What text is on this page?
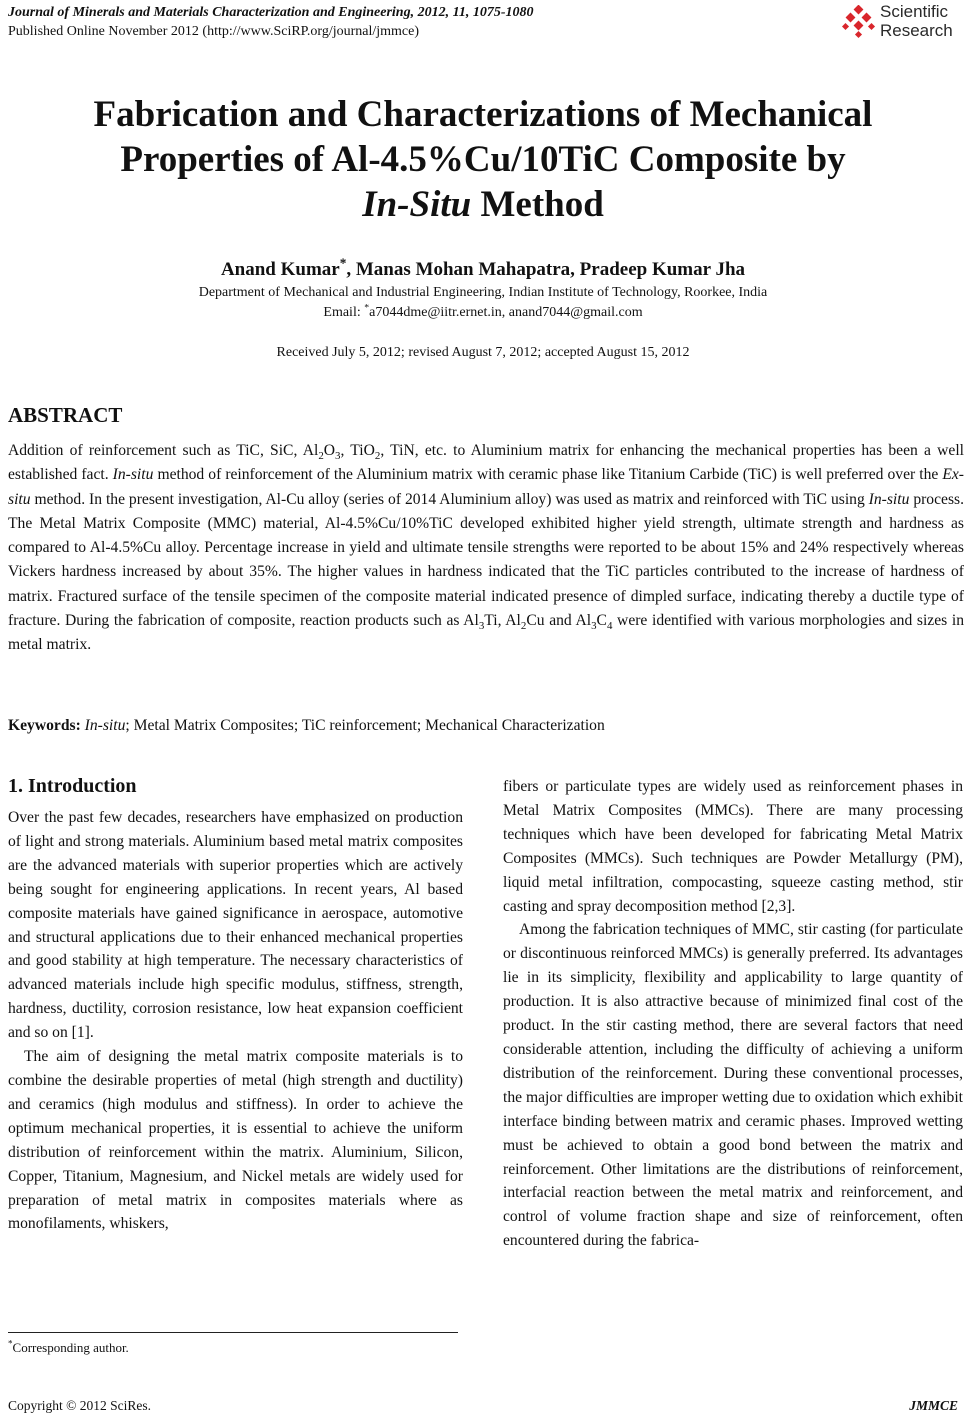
Journal of Minerals and Materials Characterization and Engineering, 2012, 11, 1075-1080
Published Online November 2012 (http://www.SciRP.org/journal/jmmce)
Scientific
Research
Fabrication and Characterizations of Mechanical
Properties of Al-4.5%Cu/10TiC Composite by
In-Situ Method
Anand Kumar*, Manas Mohan Mahapatra, Pradeep Kumar Jha
Department of Mechanical and Industrial Engineering, Indian Institute of Technology, Roorkee, India
Email: *a7044dme@iitr.ernet.in, anand7044@gmail.com
Received July 5, 2012; revised August 7, 2012; accepted August 15, 2012
ABSTRACT

Addition of reinforcement such as TiC, SiC, $Al_2O_3$, TiO$_2$, TiN, etc. to Aluminium matrix for enhancing the mechanical properties has been a well established fact. In-situ method of reinforcement of the Aluminium matrix with ceramic phase like Titanium Carbide (TiC) is well preferred over the Ex-situ method. In the present investigation, Al-Cu alloy (series of 2014 Aluminium alloy) was used as matrix and reinforced with TiC using In-situ process. The Metal Matrix Composite (MMC) material, Al-4.5%Cu/10%TiC developed exhibited higher yield strength, ultimate strength and hardness as compared to Al-4.5%Cu alloy. Percentage increase in yield and ultimate tensile strengths were reported to be about 15% and 24% respectively whereas Vickers hardness increased by about 35%. The higher values in hardness indicated that the TiC particles contributed to the increase of hardness of matrix. Fractured surface of the tensile specimen of the composite material indicated presence of dimpled surface, indicating thereby a ductile type of fracture. During the fabrication of composite, reaction products such as $Al_3Ti$, $Al_2Cu$ and $Al_3C_4$ were identified with various morphologies and sizes in metal matrix.

Keywords: In-situ; Metal Matrix Composites; TiC reinforcement; Mechanical Characterization
1. Introduction

Over the past few decades, researchers have emphasized on production of light and strong materials. Aluminium based metal matrix composites are the advanced materials with superior properties which are actively being sought for engineering applications. In recent years, Al based composite materials have gained significance in aerospace, automotive and structural applications due to their enhanced mechanical properties and good stability at high temperature. The necessary characteristics of advanced materials include high specific modulus, stiffness, strength, hardness, ductility, corrosion resistance, low heat expansion coefficient and so on [1].

The aim of designing the metal matrix composite materials is to combine the desirable properties of metal (high strength and ductility) and ceramics (high modulus and stiffness). In order to achieve the optimum mechanical properties, it is essential to achieve the uniform distribution of reinforcement within the matrix. Aluminium, Silicon, Copper, Titanium, Magnesium, and Nickel metals are widely used for preparation of metal matrix in composites materials where as monofilaments, whiskers,

fibers or particulate types are widely used as reinforcement phases in Metal Matrix Composites (MMCs). There are many processing techniques which have been developed for fabricating Metal Matrix Composites (MMCs). Such techniques are Powder Metallurgy (PM), liquid metal infiltration, compocasting, squeeze casting method, stir casting and spray decomposition method [2,3].

Among the fabrication techniques of MMC, stir casting (for particulate or discontinuous reinforced MMCs) is generally preferred. Its advantages lie in its simplicity, flexibility and applicability to large quantity of production. It is also attractive because of minimized final cost of the product. In the stir casting method, there are several factors that need considerable attention, including the difficulty of achieving a uniform distribution of the reinforcement. During these conventional processes, the major difficulties are improper wetting due to oxidation which exhibit interface binding between matrix and ceramic phases. Improved wetting must be achieved to obtain a good bond between the matrix and reinforcement. Other limitations are the distributions of reinforcement, interfacial reaction between the metal matrix and reinforcement, and control of volume fraction shape and size of reinforcement, often encountered during the fabrica-

*Corresponding author.
Copyright © 2012 SciRes.	JMMCE
